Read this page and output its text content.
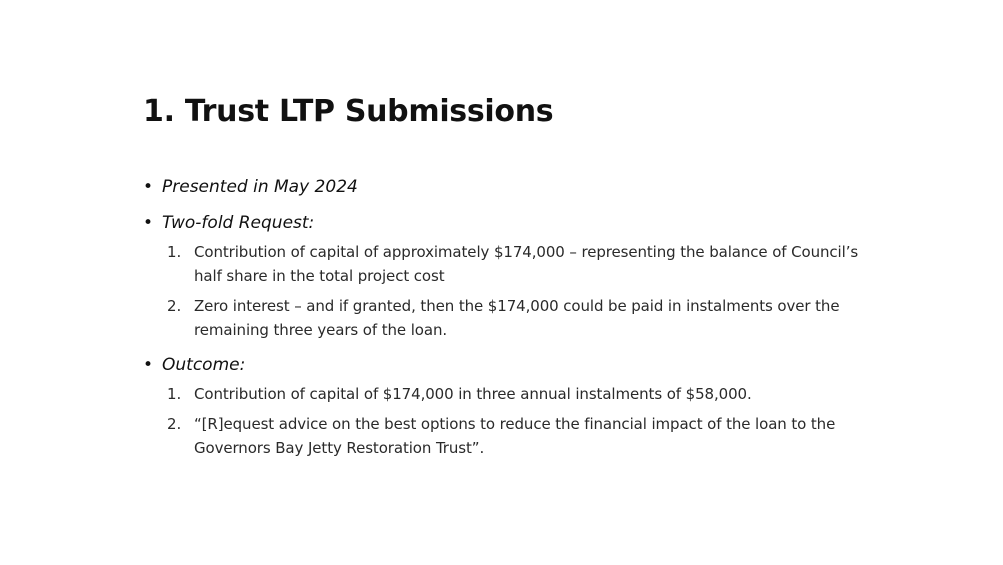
1. Trust LTP Submissions
• Presented in May 2024
• Two-fold Request:
1. Contribution of capital of approximately $174,000 – representing the balance of Council’s half share in the total project cost
2. Zero interest – and if granted, then the $174,000 could be paid in instalments over the remaining three years of the loan.
• Outcome:
1. Contribution of capital of $174,000 in three annual instalments of $58,000.
2. “[R]equest advice on the best options to reduce the financial impact of the loan to the Governors Bay Jetty Restoration Trust”.
